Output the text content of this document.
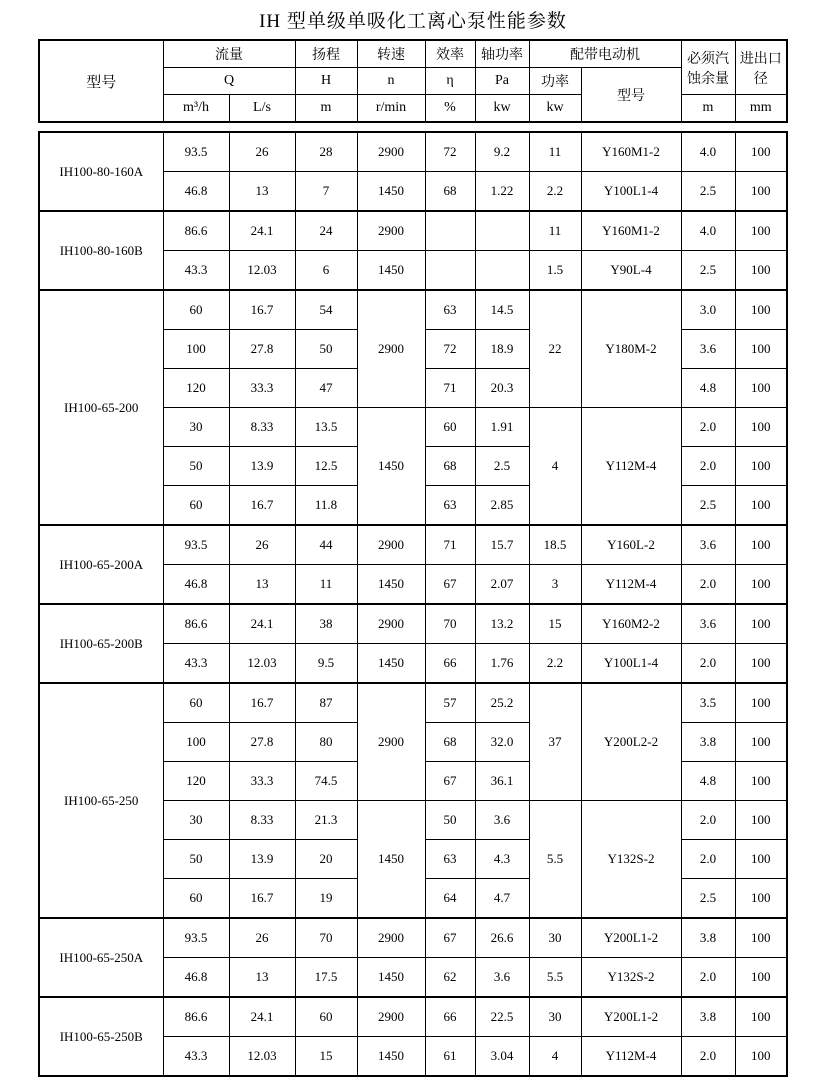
IH 型单级单吸化工离心泵性能参数
型号	流量		扬程	转速	效率	轴功率	配带电动机		必须汽蚀余量	进出口径
	Q		H	n	η	Pa	功率	型号		
	m³/h	L/s	m	r/min	%	kw	kw		m	mm
IH100-80-160A	93.5	26	28	2900	72	9.2	11	Y160M1-2	4.0	100
	46.8	13	7	1450	68	1.22	2.2	Y100L1-4	2.5	100
IH100-80-160B	86.6	24.1	24	2900			11	Y160M1-2	4.0	100
	43.3	12.03	6	1450			1.5	Y90L-4	2.5	100
IH100-65-200	60	16.7	54	2900	63	14.5	22	Y180M-2	3.0	100
	100	27.8	50		72	18.9			3.6	100
	120	33.3	47		71	20.3			4.8	100
	30	8.33	13.5	1450	60	1.91	4	Y112M-4	2.0	100
	50	13.9	12.5		68	2.5			2.0	100
	60	16.7	11.8		63	2.85			2.5	100
IH100-65-200A	93.5	26	44	2900	71	15.7	18.5	Y160L-2	3.6	100
	46.8	13	11	1450	67	2.07	3	Y112M-4	2.0	100
IH100-65-200B	86.6	24.1	38	2900	70	13.2	15	Y160M2-2	3.6	100
	43.3	12.03	9.5	1450	66	1.76	2.2	Y100L1-4	2.0	100
IH100-65-250	60	16.7	87	2900	57	25.2	37	Y200L2-2	3.5	100
	100	27.8	80		68	32.0			3.8	100
	120	33.3	74.5		67	36.1			4.8	100
	30	8.33	21.3	1450	50	3.6	5.5	Y132S-2	2.0	100
	50	13.9	20		63	4.3			2.0	100
	60	16.7	19		64	4.7			2.5	100
IH100-65-250A	93.5	26	70	2900	67	26.6	30	Y200L1-2	3.8	100
	46.8	13	17.5	1450	62	3.6	5.5	Y132S-2	2.0	100
IH100-65-250B	86.6	24.1	60	2900	66	22.5	30	Y200L1-2	3.8	100
	43.3	12.03	15	1450	61	3.04	4	Y112M-4	2.0	100
